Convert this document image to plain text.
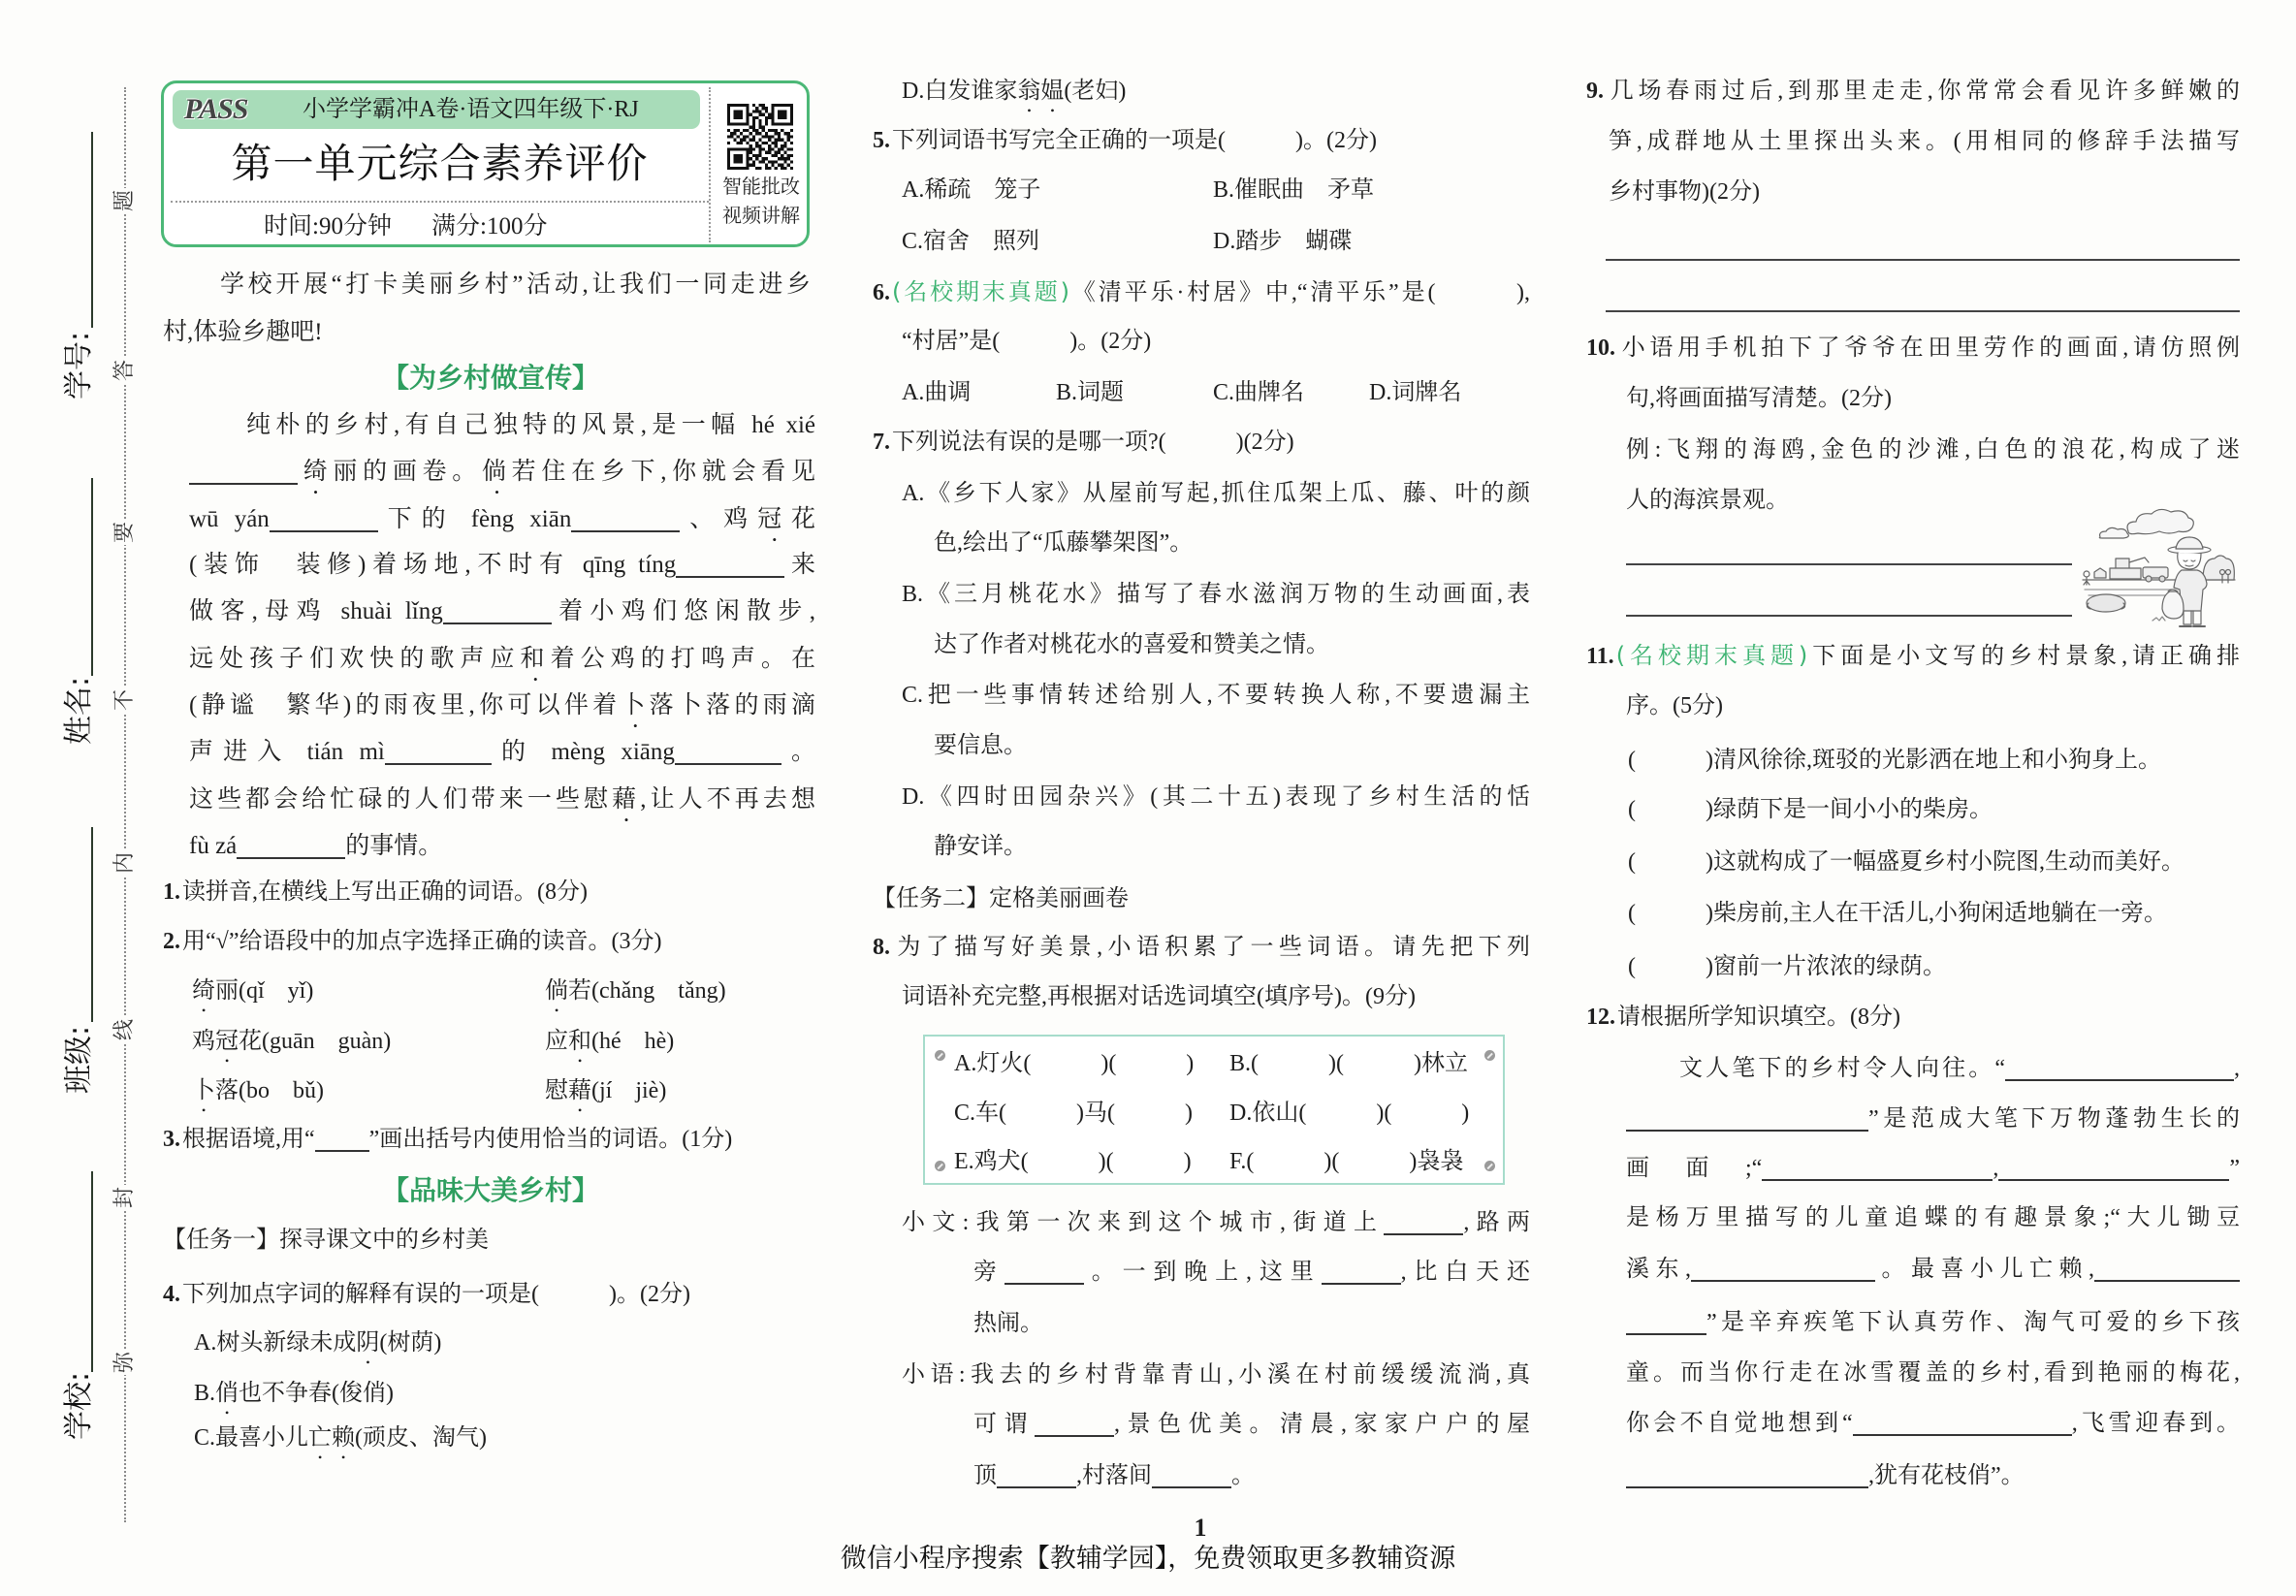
学号:
姓名:
班级:
学校:
题
答
要
不
内
线
封
弥
PASS 小学学霸冲A卷·语文四年级下·RJ
第一单元综合素养评价
时间:90分钟 满分:100分
智能批改
视频讲解
学校开展“打卡美丽乡村”活动,让我们一同走进乡
村,体验乡趣吧!
【为乡村做宣传】
纯朴的乡村,有自己独特的风景,是一幅 hé xié
绮丽的画卷。倘若住在乡下,你就会看见
wū yán	下的 fèng xiān	、鸡冠花
(装饰　装修)着场地,不时有 qīng tíng	来
做客,母鸡 shuài lǐng	着小鸡们悠闲散步,
远处孩子们欢快的歌声应和着公鸡的打鸣声。在
(静谧　繁华)的雨夜里,你可以伴着卜落卜落的雨滴
声进入 tián mì	的 mèng xiāng	。
这些都会给忙碌的人们带来一些慰藉,让人不再去想
fù zá	的事情。
1.读拼音,在横线上写出正确的词语。(8分)
2.用“√”给语段中的加点字选择正确的读音。(3分)
绮丽(qǐ　yǐ)	倘若(chǎng　tǎng)
鸡冠花(guān　guàn)	应和(hé　hè)
卜落(bo　bǔ)	慰藉(jí　jiè)
3.根据语境,用“ ”画出括号内使用恰当的词语。(1分)
【品味大美乡村】
【任务一】探寻课文中的乡村美
4.下列加点字词的解释有误的一项是(　　　)。(2分)
A.树头新绿未成阴(树荫)
B.俏也不争春(俊俏)
C.最喜小儿亡赖(顽皮、淘气)
D.白发谁家翁媪(老妇)
5.下列词语书写完全正确的一项是(　　　)。(2分)
A.稀疏　笼子	B.催眠曲　矛草
C.宿舍　照列	D.踏步　蝴碟
6.(名校期末真题)《清平乐·村居》中,“清平乐”是(　　　),
“村居”是(　　　)。(2分)
A.曲调	B.词题	C.曲牌名	D.词牌名
7.下列说法有误的是哪一项?(　　　)(2分)
A.《乡下人家》从屋前写起,抓住瓜架上瓜、藤、叶的颜
色,绘出了“瓜藤攀架图”。
B.《三月桃花水》描写了春水滋润万物的生动画面,表
达了作者对桃花水的喜爱和赞美之情。
C.把一些事情转述给别人,不要转换人称,不要遗漏主
要信息。
D.《四时田园杂兴》(其二十五)表现了乡村生活的恬
静安详。
【任务二】定格美丽画卷
8.为了描写好美景,小语积累了一些词语。请先把下列
词语补充完整,再根据对话选词填空(填序号)。(9分)
A.灯火(　　　)(　　　) B.(　　　)(　　　)林立
C.车(　　　)马(　　　) D.依山(　　　)(　　　)
E.鸡犬(　　　)(　　　) F.(　　　)(　　　)袅袅
小文:我第一次来到这个城市,街道上	,路两
旁	。一到晚上,这里	,比白天还
热闹。
小语:我去的乡村背靠青山,小溪在村前缓缓流淌,真
可谓	,景色优美。清晨,家家户户的屋
顶	,村落间	。
9.几场春雨过后,到那里走走,你常常会看见许多鲜嫩的
笋,成群地从土里探出头来。(用相同的修辞手法描写
乡村事物)(2分)
10.小语用手机拍下了爷爷在田里劳作的画面,请仿照例
句,将画面描写清楚。(2分)
例:飞翔的海鸥,金色的沙滩,白色的浪花,构成了迷
人的海滨景观。
11.(名校期末真题)下面是小文写的乡村景象,请正确排
序。(5分)
(　　　)清风徐徐,斑驳的光影洒在地上和小狗身上。
(　　　)绿荫下是一间小小的柴房。
(　　　)这就构成了一幅盛夏乡村小院图,生动而美好。
(　　　)柴房前,主人在干活儿,小狗闲适地躺在一旁。
(　　　)窗前一片浓浓的绿荫。
12.请根据所学知识填空。(8分)
文人笔下的乡村令人向往。“	,
”是范成大笔下万物蓬勃生长的
画面;“	,	”
是杨万里描写的儿童追蝶的有趣景象;“大儿锄豆
溪东,	。最喜小儿亡赖,
”是辛弃疾笔下认真劳作、淘气可爱的乡下孩
童。而当你行走在冰雪覆盖的乡村,看到艳丽的梅花,
你会不自觉地想到“	,飞雪迎春到。
,犹有花枝俏”。
1
微信小程序搜索【教辅学园】，免费领取更多教辅资源
